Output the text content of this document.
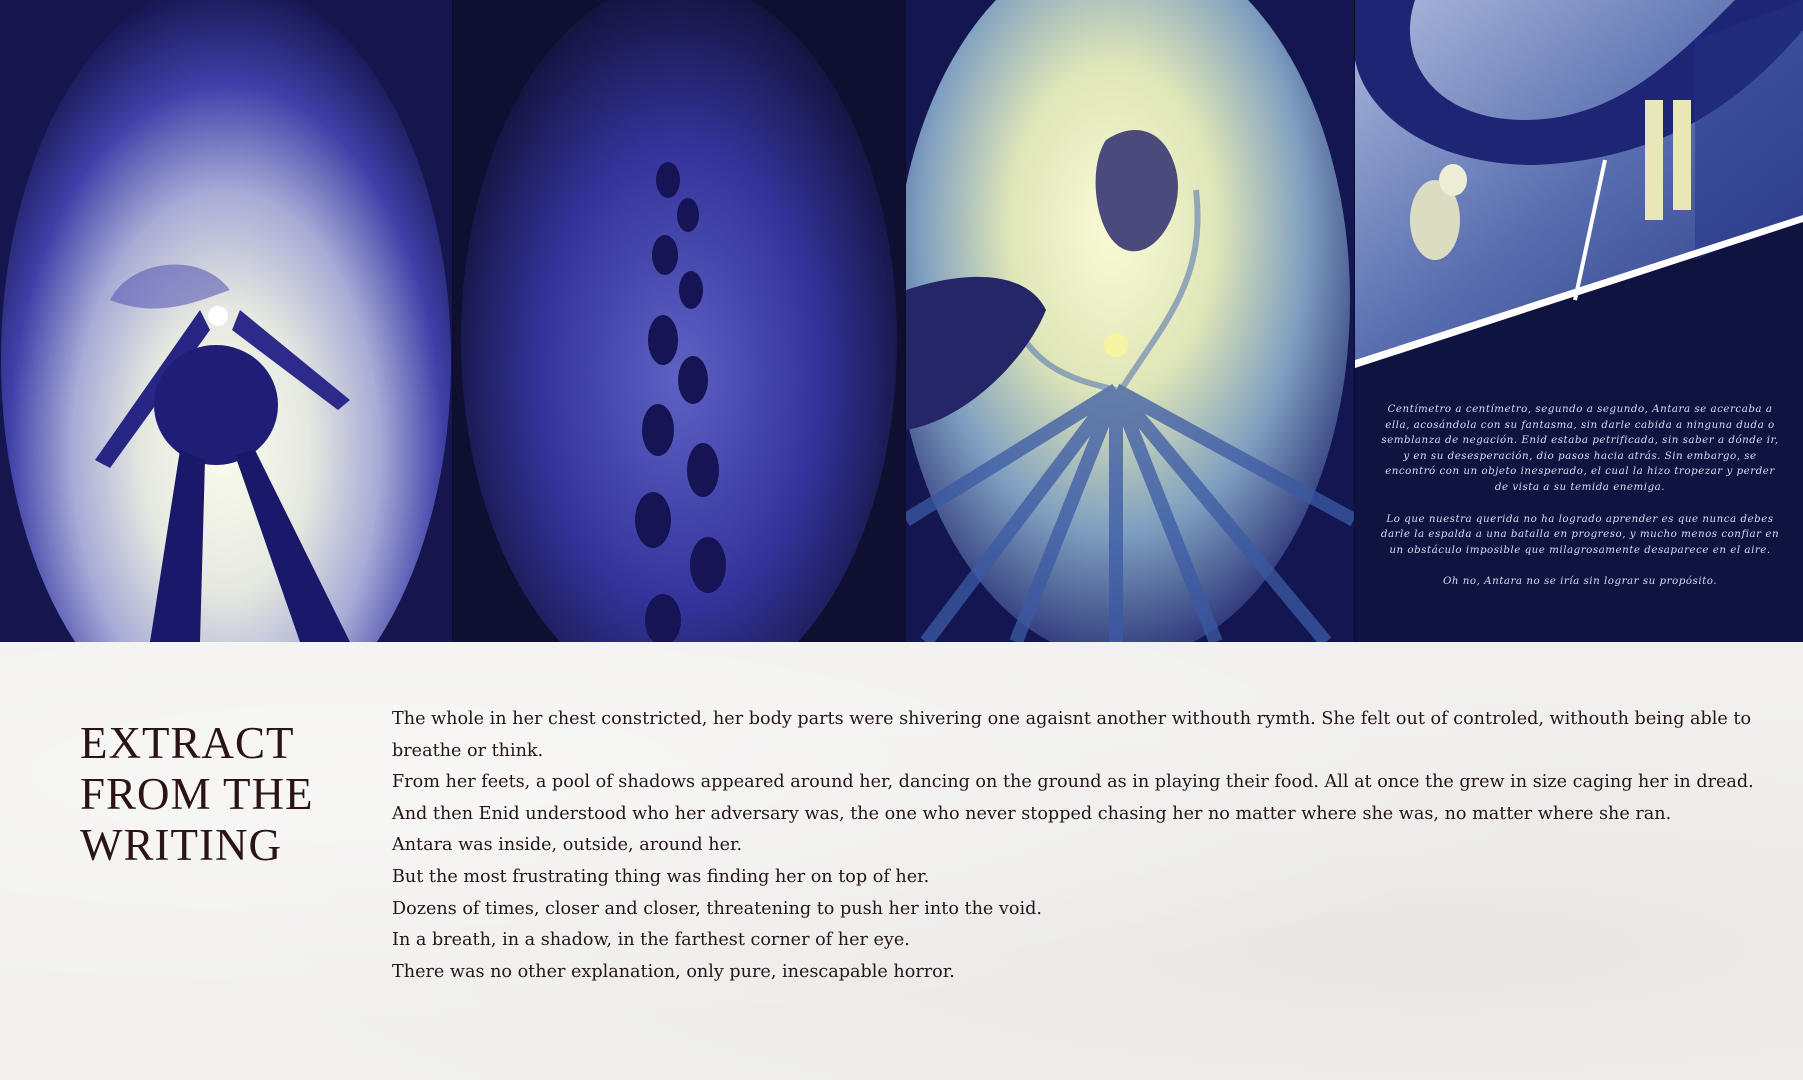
Centímetro a centímetro, segundo a segundo, Antara se acercaba a ella, acosándola con su fantasma, sin darle cabida a ninguna duda o semblanza de negación. Enid estaba petrificada, sin saber a dónde ir, y en su desesperación, dio pasos hacia atrás. Sin embargo, se encontró con un objeto inesperado, el cual la hizo tropezar y perder de vista a su temida enemiga.

Lo que nuestra querida no ha logrado aprender es que nunca debes darle la espalda a una batalla en progreso, y mucho menos confiar en un obstáculo imposible que milagrosamente desaparece en el aire.

Oh no, Antara no se iría sin lograr su propósito.

EXTRACT
FROM THE
WRITING
The whole in her chest constricted, her body parts were shivering one agaisnt another withouth rymth. She felt out of controled, withouth being able to
breathe or think.
From her feets, a pool of shadows appeared around her, dancing on the ground as in playing their food. All at once the grew in size caging her in dread.
And then Enid understood who her adversary was, the one who never stopped chasing her no matter where she was, no matter where she ran.
Antara was inside, outside, around her.
But the most frustrating thing was finding her on top of her.
Dozens of times, closer and closer, threatening to push her into the void.
In a breath, in a shadow, in the farthest corner of her eye.
There was no other explanation, only pure, inescapable horror.
